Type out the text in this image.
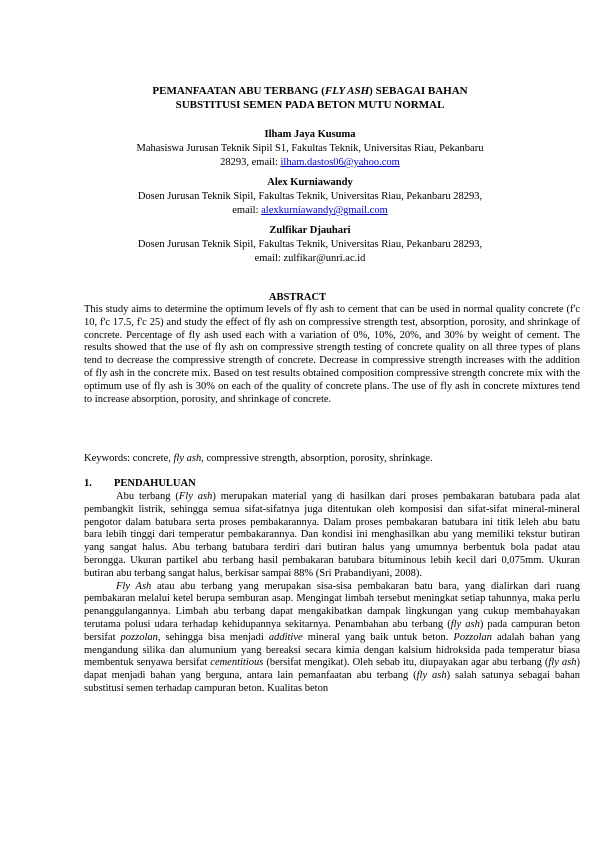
PEMANFAATAN ABU TERBANG (FLY ASH) SEBAGAI BAHAN
SUBSTITUSI SEMEN PADA BETON MUTU NORMAL
Ilham Jaya Kusuma
Mahasiswa Jurusan Teknik Sipil S1, Fakultas Teknik, Universitas Riau, Pekanbaru
28293, email: ilham.dastos06@yahoo.com
Alex Kurniawandy
Dosen Jurusan Teknik Sipil, Fakultas Teknik, Universitas Riau, Pekanbaru 28293,
email: alexkurniawandy@gmail.com
Zulfikar Djauhari
Dosen Jurusan Teknik Sipil, Fakultas Teknik, Universitas Riau, Pekanbaru 28293,
email: zulfikar@unri.ac.id
ABSTRACT
This study aims to determine the optimum levels of fly ash to cement that can be used in normal quality concrete (f'c 10, f'c 17.5, f'c 25) and study the effect of fly ash on compressive strength test, absorption, porosity, and shrinkage of concrete. Percentage of fly ash used each with a variation of 0%, 10%, 20%, and 30% by weight of cement. The results showed that the use of fly ash on compressive strength testing of concrete quality on all three types of plans tend to decrease the compressive strength of concrete. Decrease in compressive strength increases with the addition of fly ash in the concrete mix. Based on test results obtained composition compressive strength concrete mix with the optimum use of fly ash is 30% on each of the quality of concrete plans. The use of fly ash in concrete mixtures tend to increase absorption, porosity, and shrinkage of concrete.
Keywords: concrete, fly ash, compressive strength, absorption, porosity, shrinkage.
1. PENDAHULUAN

Abu terbang (Fly ash) merupakan material yang di hasilkan dari proses pembakaran batubara pada alat pembangkit listrik, sehingga semua sifat-sifatnya juga ditentukan oleh komposisi dan sifat-sifat mineral-mineral pengotor dalam batubara serta proses pembakarannya. Dalam proses pembakaran batubara ini titik leleh abu batu bara lebih tinggi dari temperatur pembakarannya. Dan kondisi ini menghasilkan abu yang memiliki tekstur butiran yang sangat halus. Abu terbang batubara terdiri dari butiran halus yang umumnya berbentuk bola padat atau berongga. Ukuran partikel abu terbang hasil pembakaran batubara bituminous lebih kecil dari 0,075mm. Ukuran butiran abu terbang sangat halus, berkisar sampai 88% (Sri Prabandiyani, 2008).

Fly Ash atau abu terbang yang merupakan sisa-sisa pembakaran batu bara, yang dialirkan dari ruang pembakaran melalui ketel berupa semburan asap. Mengingat limbah tersebut meningkat setiap tahunnya, maka perlu penanggulangannya. Limbah abu terbang dapat mengakibatkan dampak lingkungan yang cukup membahayakan terutama polusi udara terhadap kehidupannya sekitarnya. Penambahan abu terbang (fly ash) pada campuran beton bersifat pozzolan, sehingga bisa menjadi additive mineral yang baik untuk beton. Pozzolan adalah bahan yang mengandung silika dan alumunium yang bereaksi secara kimia dengan kalsium hidroksida pada temperatur biasa membentuk senyawa bersifat cementitious (bersifat mengikat). Oleh sebab itu, diupayakan agar abu terbang (fly ash) dapat menjadi bahan yang berguna, antara lain pemanfaatan abu terbang (fly ash) salah satunya sebagai bahan substitusi semen terhadap campuran beton. Kualitas beton
